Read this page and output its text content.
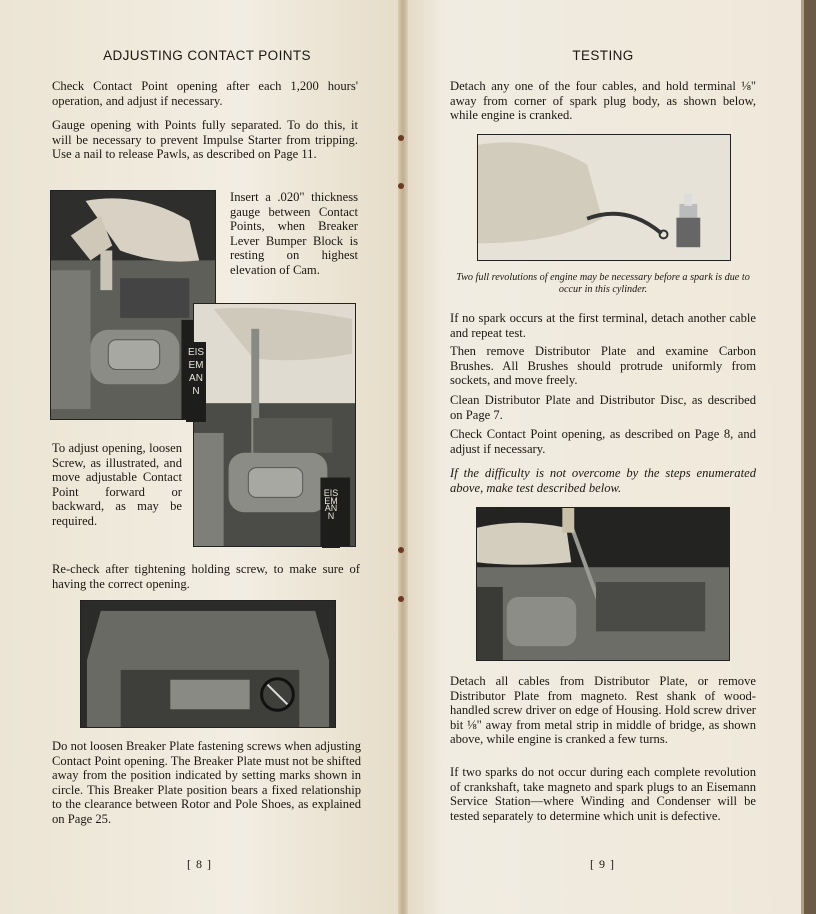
ADJUSTING CONTACT POINTS

Check Contact Point opening after each 1,200 hours' operation, and adjust if necessary.

Gauge opening with Points fully separated. To do this, it will be necessary to prevent Impulse Starter from tripping. Use a nail to release Pawls, as described on Page 11.

Insert a .020" thickness gauge between Contact Points, when Breaker Lever Bumper Block is resting on highest elevation of Cam.

EISEMANN
EISEMANN

To adjust opening, loosen Screw, as illustrated, and move adjustable Contact Point forward or backward, as may be required.

Re-check after tightening holding screw, to make sure of having the correct opening.

Do not loosen Breaker Plate fastening screws when adjusting Contact Point opening. The Breaker Plate must not be shifted away from the position indicated by setting marks shown in circle. This Breaker Plate position bears a fixed relationship to the clearance between Rotor and Pole Shoes, as explained on Page 25.

[ 8 ]
TESTING

Detach any one of the four cables, and hold terminal ⅛" away from corner of spark plug body, as shown below, while engine is cranked.

Two full revolutions of engine may be necessary before a spark is due to occur in this cylinder.

If no spark occurs at the first terminal, detach another cable and repeat test.

Then remove Distributor Plate and examine Carbon Brushes. All Brushes should protrude uniformly from sockets, and move freely.

Clean Distributor Plate and Distributor Disc, as described on Page 7.

Check Contact Point opening, as described on Page 8, and adjust if necessary.

If the difficulty is not overcome by the steps enumerated above, make test described below.

Detach all cables from Distributor Plate, or remove Distributor Plate from magneto. Rest shank of wood-handled screw driver on edge of Housing. Hold screw driver bit ⅛" away from metal strip in middle of bridge, as shown above, while engine is cranked a few turns.

If two sparks do not occur during each complete revolution of crankshaft, take magneto and spark plugs to an Eisemann Service Station—where Winding and Condenser will be tested separately to determine which unit is defective.

[ 9 ]
